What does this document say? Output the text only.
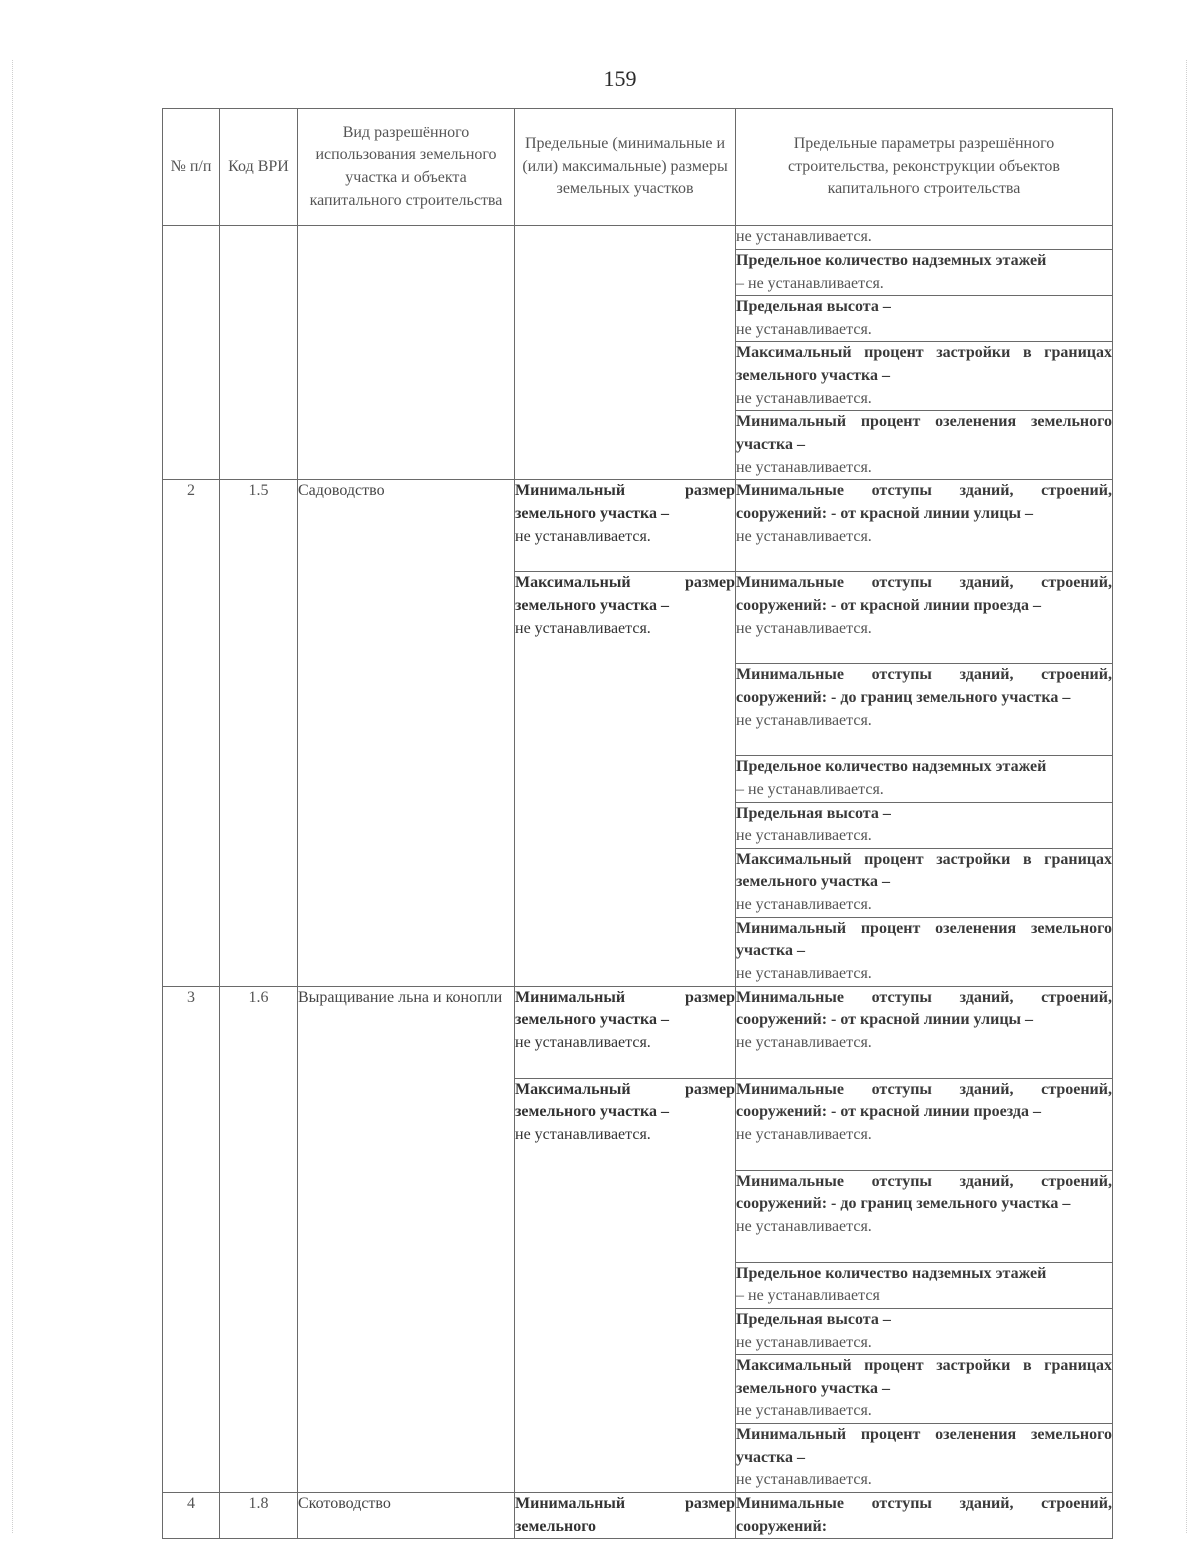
159
№ п/п	Код ВРИ	Вид разрешённого использования земельного участка и объекта капитального строительства	Предельные (минимальные и (или) максимальные) размеры земельных участков	Предельные параметры разрешённого строительства, реконструкции объектов капитального строительства

				не устанавливается.

				Предельное количество надземных этажей
– не устанавливается.

				Предельная высота –
не устанавливается.

				Максимальный процент застройки в границах земельного участка –
не устанавливается.

				Минимальный процент озеленения земельного участка –
не устанавливается.

2	1.5	Садоводство	Минимальный размер земельного участка –
не устанавливается.	Минимальные отступы зданий, строений, сооружений: - от красной линии улицы –
не устанавливается.

			Максимальный размер земельного участка –
не устанавливается.	Минимальные отступы зданий, строений, сооружений: - от красной линии проезда –
не устанавливается.

				Минимальные отступы зданий, строений, сооружений: - до границ земельного участка –
не устанавливается.

				Предельное количество надземных этажей
– не устанавливается.

				Предельная высота –
не устанавливается.

				Максимальный процент застройки в границах земельного участка –
не устанавливается.

				Минимальный процент озеленения земельного участка –
не устанавливается.

3	1.6	Выращивание льна и конопли	Минимальный размер земельного участка –
не устанавливается.	Минимальные отступы зданий, строений, сооружений: - от красной линии улицы –
не устанавливается.

			Максимальный размер земельного участка –
не устанавливается.	Минимальные отступы зданий, строений, сооружений: - от красной линии проезда –
не устанавливается.

				Минимальные отступы зданий, строений, сооружений: - до границ земельного участка –
не устанавливается.

				Предельное количество надземных этажей
– не устанавливается

				Предельная высота –
не устанавливается.

				Максимальный процент застройки в границах земельного участка –
не устанавливается.

				Минимальный процент озеленения земельного участка –
не устанавливается.

4	1.8	Скотоводство	Минимальный размер земельного	Минимальные отступы зданий, строений, сооружений:
